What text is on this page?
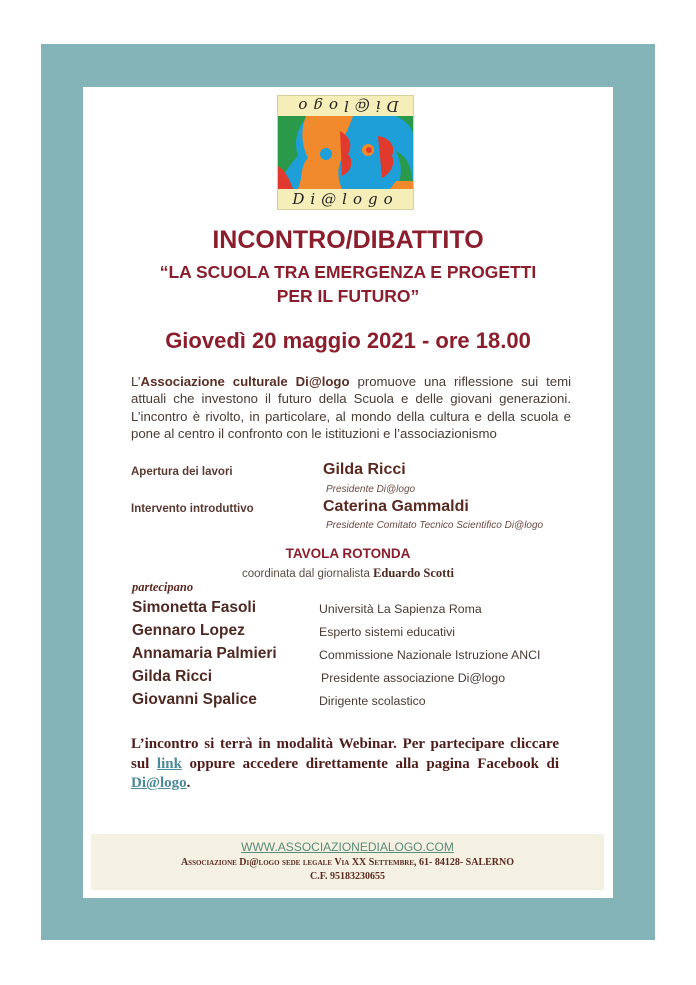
Di@logo
Di@logo
INCONTRO/DIBATTITO
“LA SCUOLA TRA EMERGENZA E PROGETTI
PER IL FUTURO”
Giovedì 20 maggio 2021 - ore 18.00
L’Associazione culturale Di@logo promuove una riflessione sui temi attuali che investono il futuro della Scuola e delle giovani generazioni. L’incontro è rivolto, in particolare, al mondo della cultura e della scuola e pone al centro il confronto con le istituzioni e l’associazionismo
Apertura dei lavori	Gilda Ricci
Presidente Di@logo
Intervento introduttivo	Caterina Gammaldi
Presidente Comitato Tecnico Scientifico Di@logo
TAVOLA ROTONDA
coordinata dal giornalista Eduardo Scotti
partecipano
Simonetta Fasoli	Università La Sapienza Roma
Gennaro Lopez	Esperto sistemi educativi
Annamaria Palmieri	Commissione Nazionale Istruzione ANCI
Gilda Ricci	Presidente associazione Di@logo
Giovanni Spalice	Dirigente scolastico
L’incontro si terrà in modalità Webinar. Per partecipare cliccare sul link oppure accedere direttamente alla pagina Facebook di Di@logo.
WWW.ASSOCIAZIONEDIALOGO.COM
Associazione Di@logo sede legale Via XX Settembre, 61- 84128- SALERNO
C.F. 95183230655
